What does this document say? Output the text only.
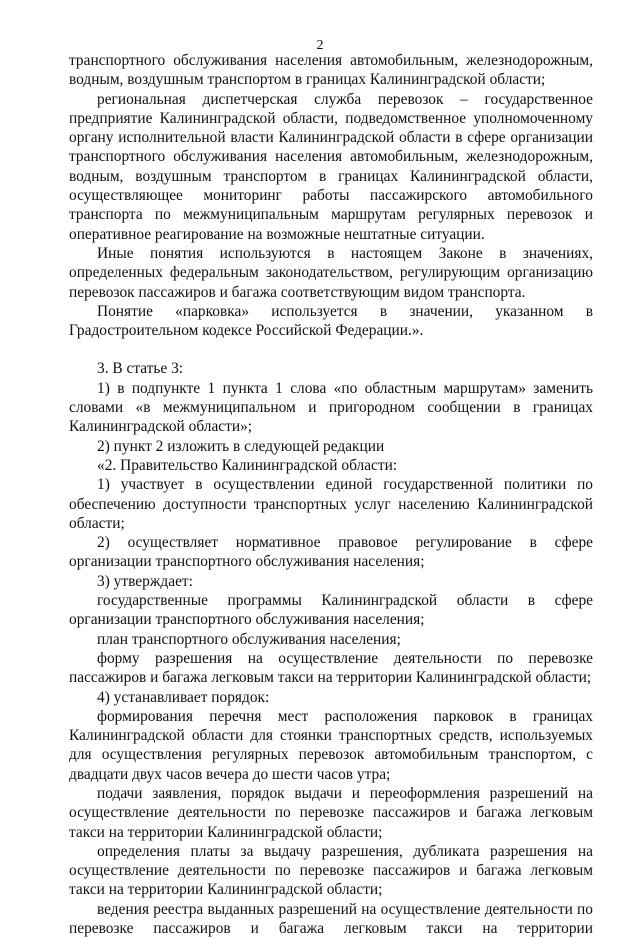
2

транспортного обслуживания населения автомобильным, железнодорожным, водным, воздушным транспортом в границах Калининградской области;

региональная диспетчерская служба перевозок – государственное предприятие Калининградской области, подведомственное уполномоченному органу исполнительной власти Калининградской области в сфере организации транспортного обслуживания населения автомобильным, железнодорожным, водным, воздушным транспортом в границах Калининградской области, осуществляющее мониторинг работы пассажирского автомобильного транспорта по межмуниципальным маршрутам регулярных перевозок и оперативное реагирование на возможные нештатные ситуации.

Иные понятия используются в настоящем Законе в значениях, определенных федеральным законодательством, регулирующим организацию перевозок пассажиров и багажа соответствующим видом транспорта.

Понятие «парковка» используется в значении, указанном в Градостроительном кодексе Российской Федерации.».

3. В статье 3:

1) в подпункте 1 пункта 1 слова «по областным маршрутам» заменить словами «в межмуниципальном и пригородном сообщении в границах Калининградской области»;

2) пункт 2 изложить в следующей редакции

«2. Правительство Калининградской области:

1) участвует в осуществлении единой государственной политики по обеспечению доступности транспортных услуг населению Калининградской области;

2) осуществляет нормативное правовое регулирование в сфере организации транспортного обслуживания населения;

3) утверждает:

государственные программы Калининградской области в сфере организации транспортного обслуживания населения;

план транспортного обслуживания населения;

форму разрешения на осуществление деятельности по перевозке пассажиров и багажа легковым такси на территории Калининградской области;

4) устанавливает порядок:

формирования перечня мест расположения парковок в границах Калининградской области для стоянки транспортных средств, используемых для осуществления регулярных перевозок автомобильным транспортом, с двадцати двух часов вечера до шести часов утра;

подачи заявления, порядок выдачи и переоформления разрешений на осуществление деятельности по перевозке пассажиров и багажа легковым такси на территории Калининградской области;

определения платы за выдачу разрешения, дубликата разрешения на осуществление деятельности по перевозке пассажиров и багажа легковым такси на территории Калининградской области;

ведения реестра выданных разрешений на осуществление деятельности по перевозке пассажиров и багажа легковым такси на территории
